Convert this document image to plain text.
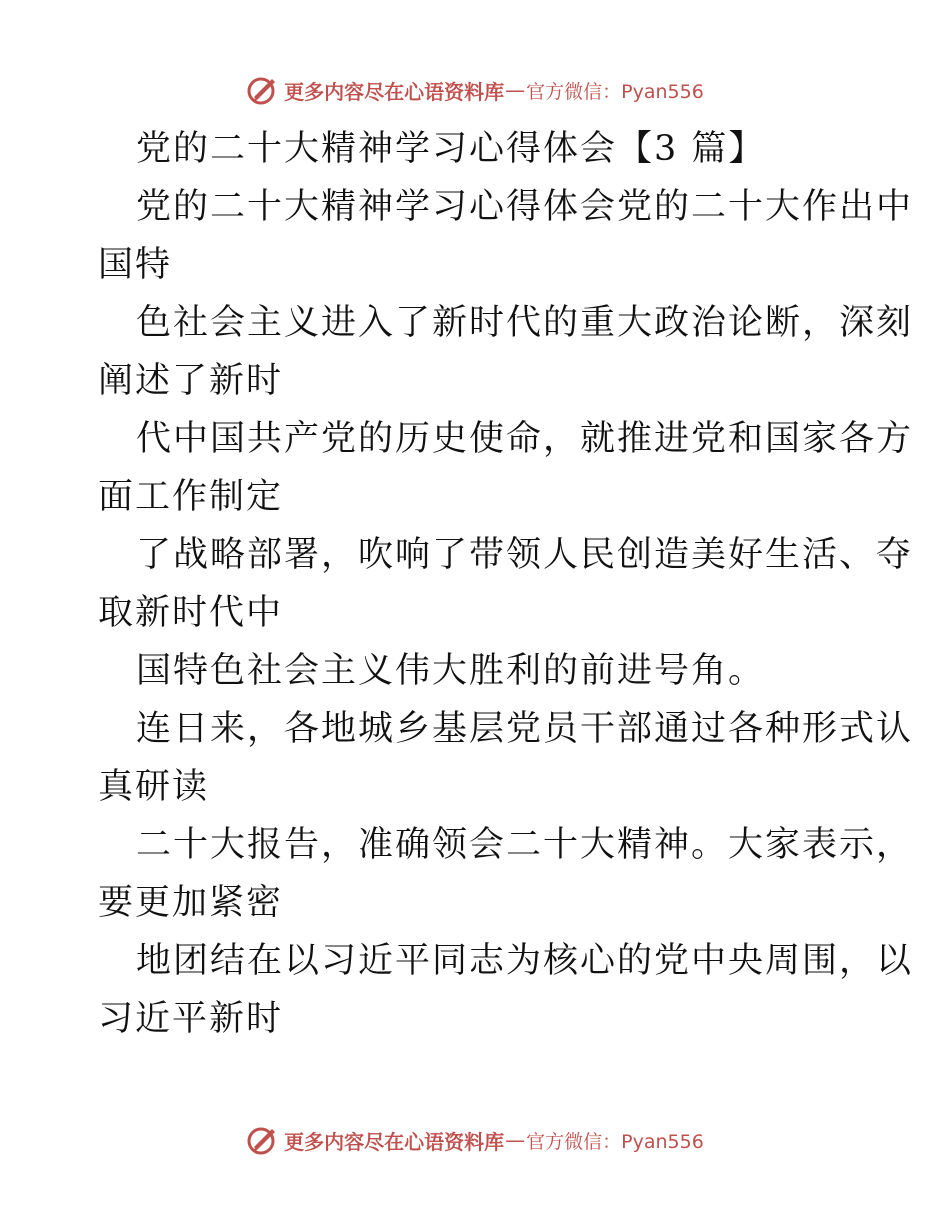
更多内容尽在心语资料库 — 官方微信：Pyan556
党的二十大精神学习心得体会【3 篇】
党的二十大精神学习心得体会党的二十大作出中
国特
色社会主义进入了新时代的重大政治论断，深刻
阐述了新时
代中国共产党的历史使命，就推进党和国家各方
面工作制定
了战略部署，吹响了带领人民创造美好生活、夺
取新时代中
国特色社会主义伟大胜利的前进号角。
连日来，各地城乡基层党员干部通过各种形式认
真研读
二十大报告，准确领会二十大精神。大家表示，
要更加紧密
地团结在以习近平同志为核心的党中央周围，以
习近平新时
更多内容尽在心语资料库 — 官方微信：Pyan556
